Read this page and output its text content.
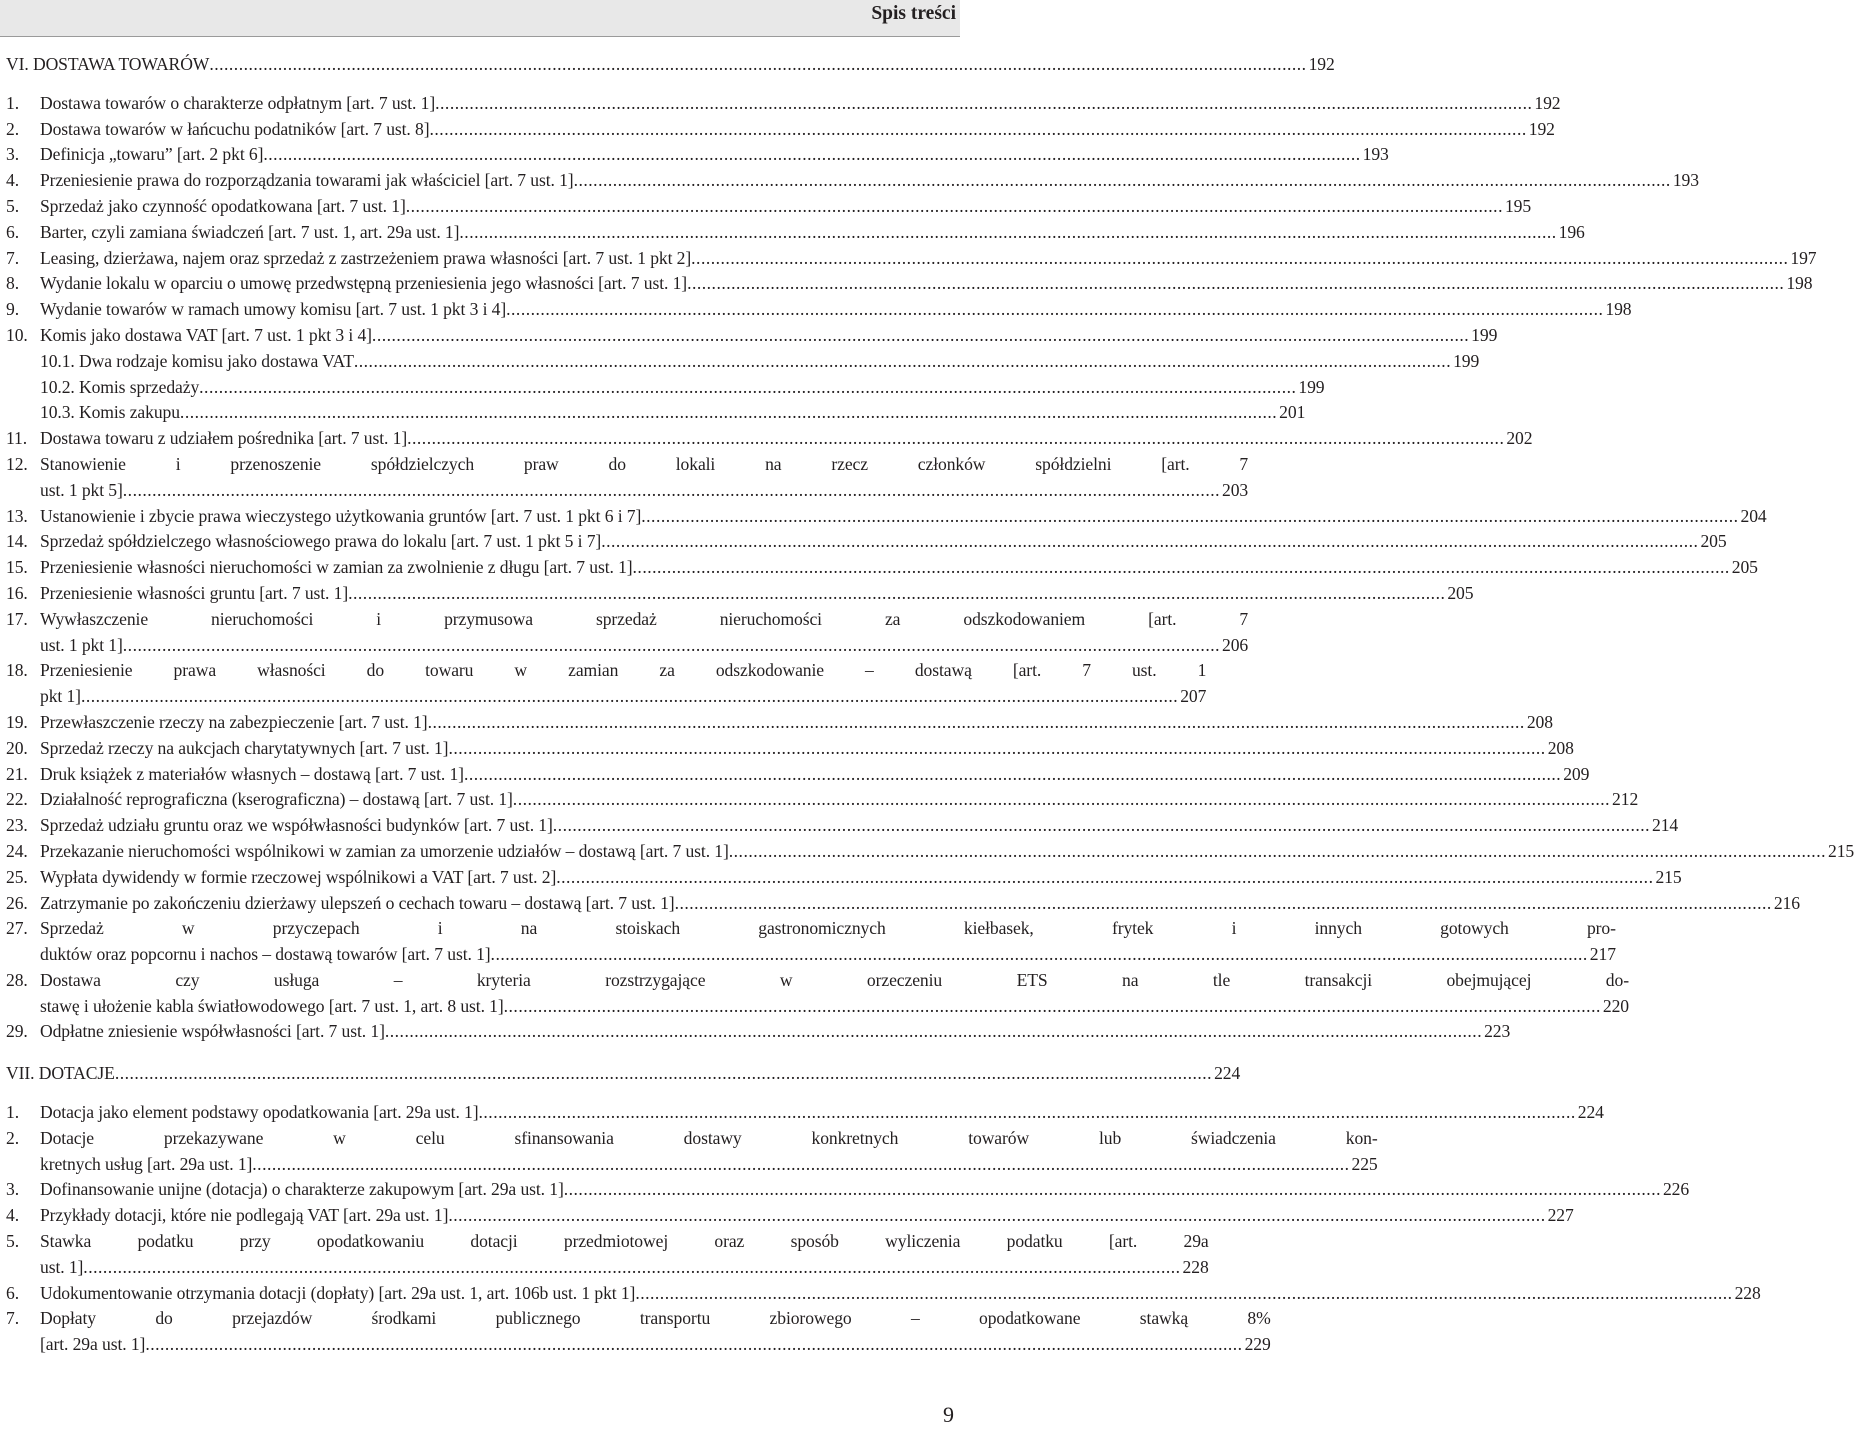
Spis treści
VI. DOSTAWA TOWARÓW .....	192
1.	Dostawa towarów o charakterze odpłatnym [art. 7 ust. 1] .....	192
2.	Dostawa towarów w łańcuchu podatników [art. 7 ust. 8] .....	192
3.	Definicja „towaru” [art. 2 pkt 6] .....	193
4.	Przeniesienie prawa do rozporządzania towarami jak właściciel [art. 7 ust. 1] .....	193
5.	Sprzedaż jako czynność opodatkowana [art. 7 ust. 1] .....	195
6.	Barter, czyli zamiana świadczeń [art. 7 ust. 1, art. 29a ust. 1] .....	196
7.	Leasing, dzierżawa, najem oraz sprzedaż z zastrzeżeniem prawa własności [art. 7 ust. 1 pkt 2] .....	197
8.	Wydanie lokalu w oparciu o umowę przedwstępną przeniesienia jego własności [art. 7 ust. 1] .....	198
9.	Wydanie towarów w ramach umowy komisu [art. 7 ust. 1 pkt 3 i 4] .....	198
10. Komis jako dostawa VAT [art. 7 ust. 1 pkt 3 i 4] .....	199
10.1. Dwa rodzaje komisu jako dostawa VAT .....	199
10.2. Komis sprzedaży .....	199
10.3. Komis zakupu .....	201
11. Dostawa towaru z udziałem pośrednika [art. 7 ust. 1] .....	202
12. Stanowienie i przenoszenie spółdzielczych praw do lokali na rzecz członków spółdzielni [art. 7
ust. 1 pkt 5] .....	203
13. Ustanowienie i zbycie prawa wieczystego użytkowania gruntów [art. 7 ust. 1 pkt 6 i 7] .....	204
14. Sprzedaż spółdzielczego własnościowego prawa do lokalu [art. 7 ust. 1 pkt 5 i 7] .....	205
15. Przeniesienie własności nieruchomości w zamian za zwolnienie z długu [art. 7 ust. 1] .....	205
16. Przeniesienie własności gruntu [art. 7 ust. 1] .....	205
17. Wywłaszczenie nieruchomości i przymusowa sprzedaż nieruchomości za odszkodowaniem [art. 7
ust. 1 pkt 1] .....	206
18. Przeniesienie prawa własności do towaru w zamian za odszkodowanie – dostawą [art. 7 ust. 1
pkt 1] .....	207
19. Przewłaszczenie rzeczy na zabezpieczenie [art. 7 ust. 1] .....	208
20. Sprzedaż rzeczy na aukcjach charytatywnych [art. 7 ust. 1] .....	208
21. Druk książek z materiałów własnych – dostawą [art. 7 ust. 1] .....	209
22. Działalność reprograficzna (kserograficzna) – dostawą [art. 7 ust. 1] .....	212
23. Sprzedaż udziału gruntu oraz we współwłasności budynków [art. 7 ust. 1] .....	214
24. Przekazanie nieruchomości wspólnikowi w zamian za umorzenie udziałów – dostawą [art. 7 ust. 1] .....	215
25. Wypłata dywidendy w formie rzeczowej wspólnikowi a VAT [art. 7 ust. 2] .....	215
26. Zatrzymanie po zakończeniu dzierżawy ulepszeń o cechach towaru – dostawą [art. 7 ust. 1] .....	216
27. Sprzedaż w przyczepach i na stoiskach gastronomicznych kiełbasek, frytek i innych gotowych pro-
duktów oraz popcornu i nachos – dostawą towarów [art. 7 ust. 1] .....	217
28. Dostawa czy usługa – kryteria rozstrzygające w orzeczeniu ETS na tle transakcji obejmującej do-
stawę i ułożenie kabla światłowodowego [art. 7 ust. 1, art. 8 ust. 1] .....	220
29. Odpłatne zniesienie współwłasności [art. 7 ust. 1] .....	223
VII. DOTACJE .....	224
1.	Dotacja jako element podstawy opodatkowania [art. 29a ust. 1] .....	224
2.	Dotacje przekazywane w celu sfinansowania dostawy konkretnych towarów lub świadczenia kon-
kretnych usług [art. 29a ust. 1] .....	225
3.	Dofinansowanie unijne (dotacja) o charakterze zakupowym [art. 29a ust. 1] .....	226
4.	Przykłady dotacji, które nie podlegają VAT [art. 29a ust. 1] .....	227
5.	Stawka podatku przy opodatkowaniu dotacji przedmiotowej oraz sposób wyliczenia podatku [art. 29a
ust. 1] .....	228
6.	Udokumentowanie otrzymania dotacji (dopłaty) [art. 29a ust. 1, art. 106b ust. 1 pkt 1] .....	228
7.	Dopłaty do przejazdów środkami publicznego transportu zbiorowego – opodatkowane stawką 8%
[art. 29a ust. 1] .....	229
9
